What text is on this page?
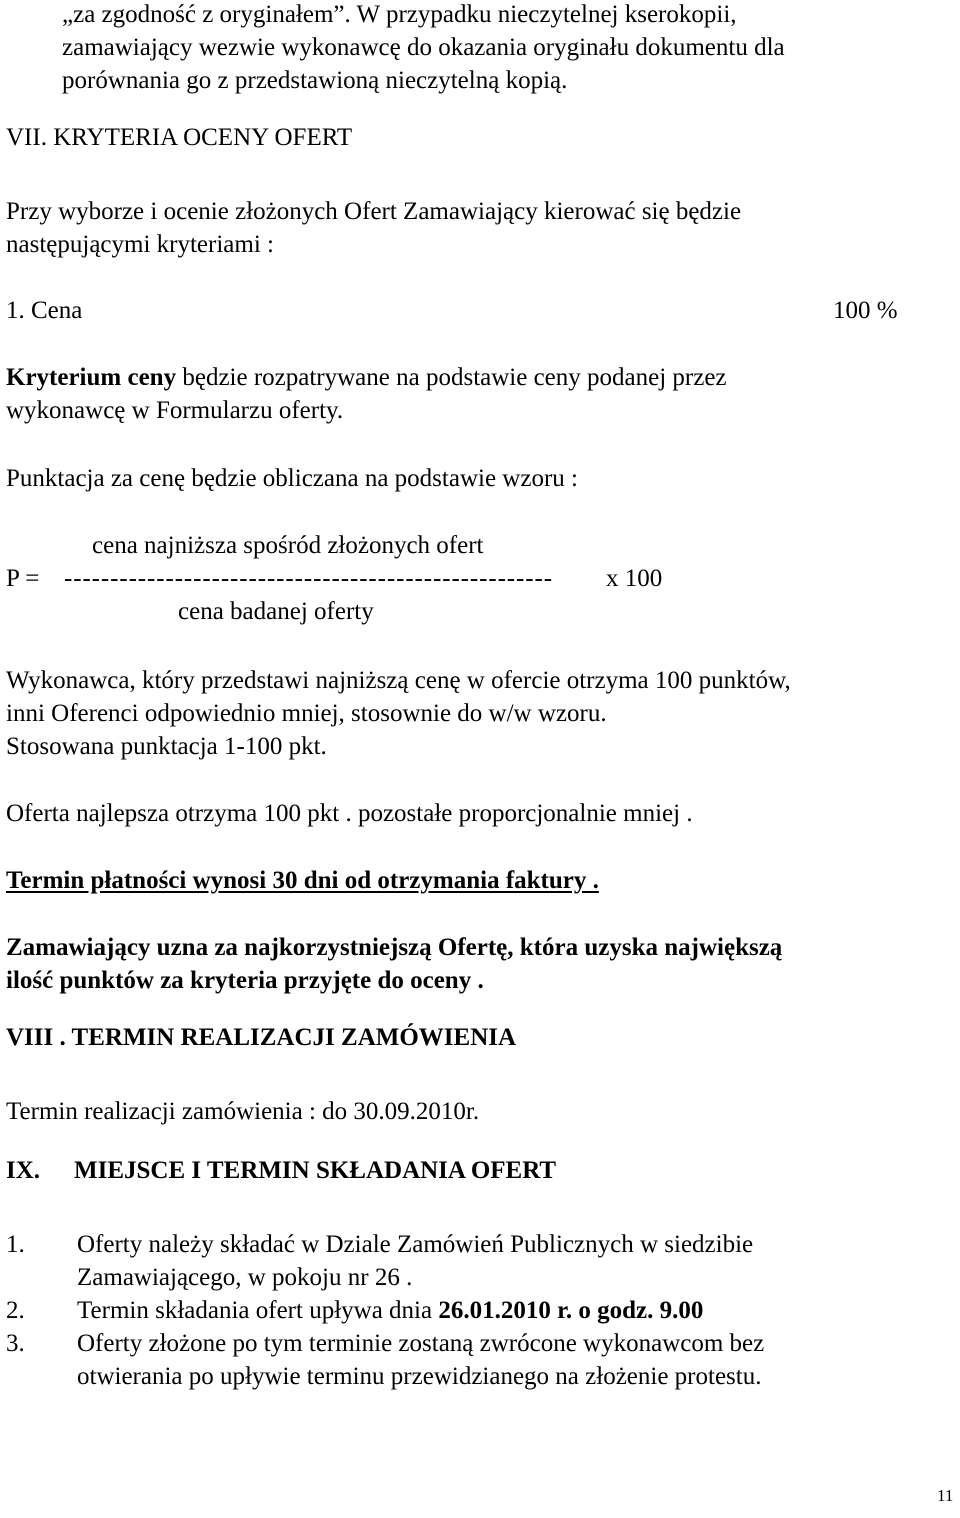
„za zgodność z oryginałem”. W przypadku nieczytelnej kserokopii,
zamawiający wezwie wykonawcę do okazania oryginału dokumentu dla
porównania go z przedstawioną nieczytelną kopią.
VII. KRYTERIA OCENY OFERT
Przy wyborze i ocenie złożonych Ofert Zamawiający kierować się będzie
następującymi kryteriami :
1. Cena	100 %
Kryterium ceny będzie rozpatrywane na podstawie ceny podanej przez
wykonawcę w Formularzu oferty.
Punktacja za cenę będzie obliczana na podstawie wzoru :
cena najniższa spośród złożonych ofert
P = ----------------------------------------------------- x 100
cena badanej oferty
Wykonawca, który przedstawi najniższą cenę w ofercie otrzyma 100 punktów,
inni Oferenci odpowiednio mniej, stosownie do w/w wzoru.
Stosowana punktacja 1-100 pkt.
Oferta najlepsza otrzyma 100 pkt . pozostałe proporcjonalnie mniej .
Termin płatności wynosi 30 dni od otrzymania faktury .
Zamawiający uzna za najkorzystniejszą Ofertę, która uzyska największą
ilość punktów za kryteria przyjęte do oceny .
VIII . TERMIN REALIZACJI ZAMÓWIENIA
Termin realizacji zamówienia : do 30.09.2010r.
IX. MIEJSCE I TERMIN SKŁADANIA OFERT
1. Oferty należy składać w Dziale Zamówień Publicznych w siedzibie
Zamawiającego, w pokoju nr 26 .
2. Termin składania ofert upływa dnia 26.01.2010 r. o godz. 9.00
3. Oferty złożone po tym terminie zostaną zwrócone wykonawcom bez
otwierania po upływie terminu przewidzianego na złożenie protestu.
11
